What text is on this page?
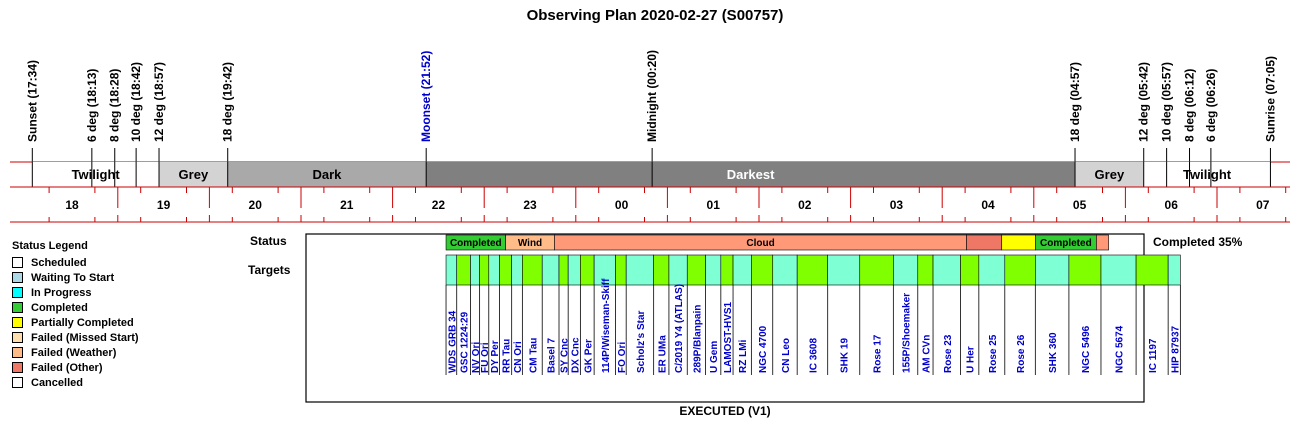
Observing Plan 2020-02-27 (S00757)
Sunset (17:34)	6 deg (18:13) 8 deg (18:28) 10 deg (18:42) 12 deg (18:57)	18 deg (19:42)	Moonset (21:52)	Midnight (00:20)	18 deg (04:57)	12 deg (05:42) 10 deg (05:57) 8 deg (06:12) 6 deg (06:26)	Sunrise (07:05)
Twilight	Grey	Dark	Darkest	Grey	Twilight
18	19	20	21	22	23	00	01	02	03	04	05	06	07
Status
Targets
Completed 35%
Completed Wind	Cloud	Completed
WDS GRB 34 GSC 1224:29 NV Ori
FU Ori
DY Per RR Tau CN Ori CM Tau Basel 7 SY Cnc DX Cnc GK Per 114P/Wiseman-Skiff FO Ori Scholz's Star ER UMa C/2019 Y4 (ATLAS) 289P/Blanpain U Gem LAMOST-HVS1 RZ LMi NGC 4700 CN Leo IC 3608 SHK 19 Rose 17 155P/Shoemaker AM CVn Rose 23 U Her Rose 25 Rose 26 SHK 360 NGC 5496 NGC 5674 IC 1197 HIP 87937
EXECUTED (V1)
Status Legend
Scheduled
Waiting To Start
In Progress
Completed
Partially Completed
Failed (Missed Start)
Failed (Weather)
Failed (Other)
Cancelled
